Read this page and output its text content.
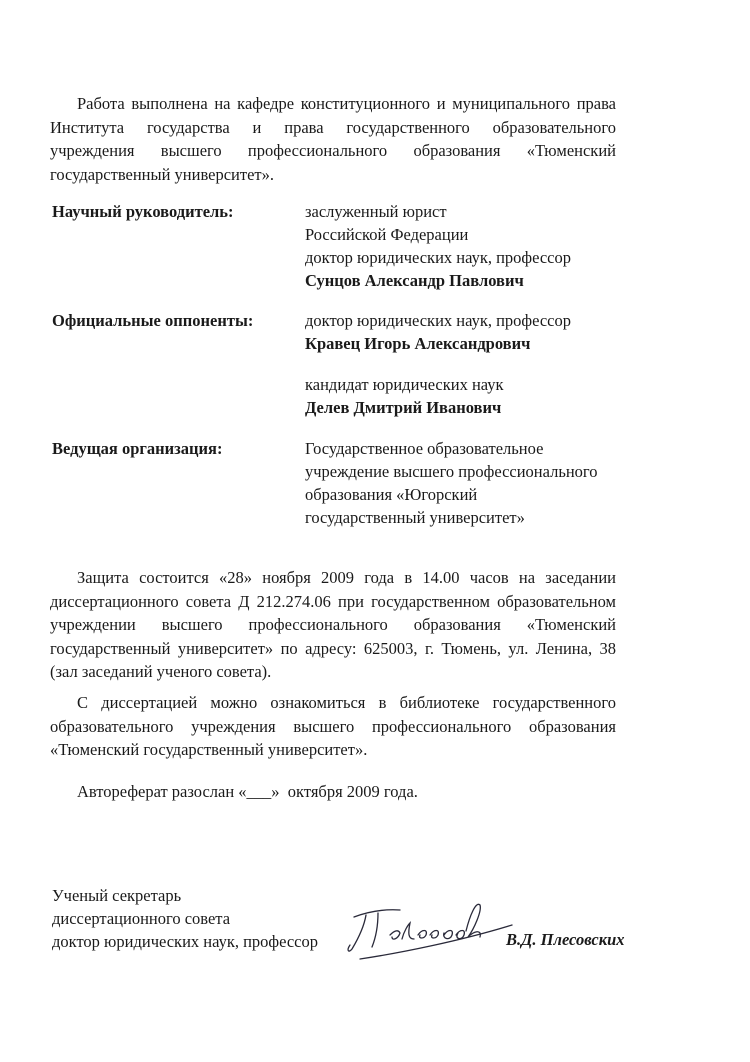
Работа выполнена на кафедре конституционного и муниципального права
Института государства и права государственного образовательного
учреждения высшего профессионального образования «Тюменский
государственный университет».
Научный руководитель:	заслуженный юрист
Российской Федерации
доктор юридических наук, профессор
Сунцов Александр Павлович
Официальные оппоненты:	доктор юридических наук, профессор
Кравец Игорь Александрович
кандидат юридических наук
Делев Дмитрий Иванович
Ведущая организация:	Государственное образовательное
учреждение высшего профессионального
образования «Югорский
государственный университет»
Защита состоится «28» ноября 2009 года в 14.00 часов на заседании
диссертационного совета Д 212.274.06 при государственном образовательном
учреждении высшего профессионального образования «Тюменский
государственный университет» по адресу: 625003, г. Тюмень, ул. Ленина, 38
(зал заседаний ученого совета).
С диссертацией можно ознакомиться в библиотеке государственного
образовательного учреждения высшего профессионального образования
«Тюменский государственный университет».
Автореферат разослан «___»  октября 2009 года.
Ученый секретарь
диссертационного совета
доктор юридических наук, профессор	В.Д. Плесовских
